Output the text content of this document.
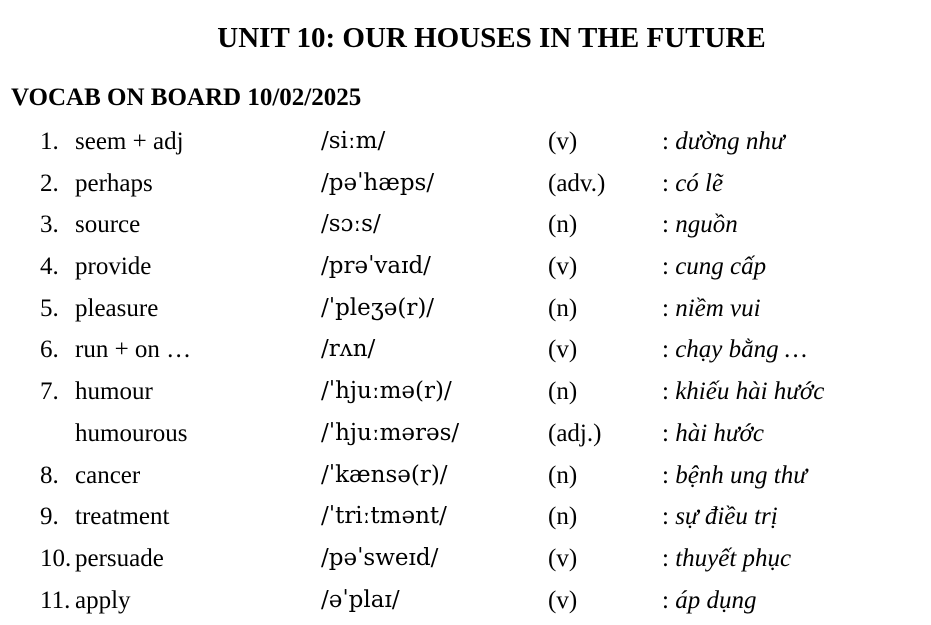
UNIT 10: OUR HOUSES IN THE FUTURE
VOCAB ON BOARD 10/02/2025
1. seem + adj	/siːm/	(v)	: dường như
2. perhaps	/pəˈhæps/	(adv.) : có lẽ
3. source	/sɔːs/	(n)	: nguồn
4. provide	/prəˈvaɪd/	(v)	: cung cấp
5. pleasure	/ˈpleʒə(r)/	(n)	: niềm vui
6. run + on …	/rʌn/	(v)	: chạy bằng …
7. humour	/ˈhjuːmə(r)/	(n)	: khiếu hài hước
humourous	/ˈhjuːmərəs/	(adj.) : hài hước
8. cancer	/ˈkænsə(r)/	(n)	: bệnh ung thư
9. treatment	/ˈtriːtmənt/	(n)	: sự điều trị
10. persuade	/pəˈsweɪd/	(v)	: thuyết phục
11. apply	/əˈplaɪ/	(v)	: áp dụng
